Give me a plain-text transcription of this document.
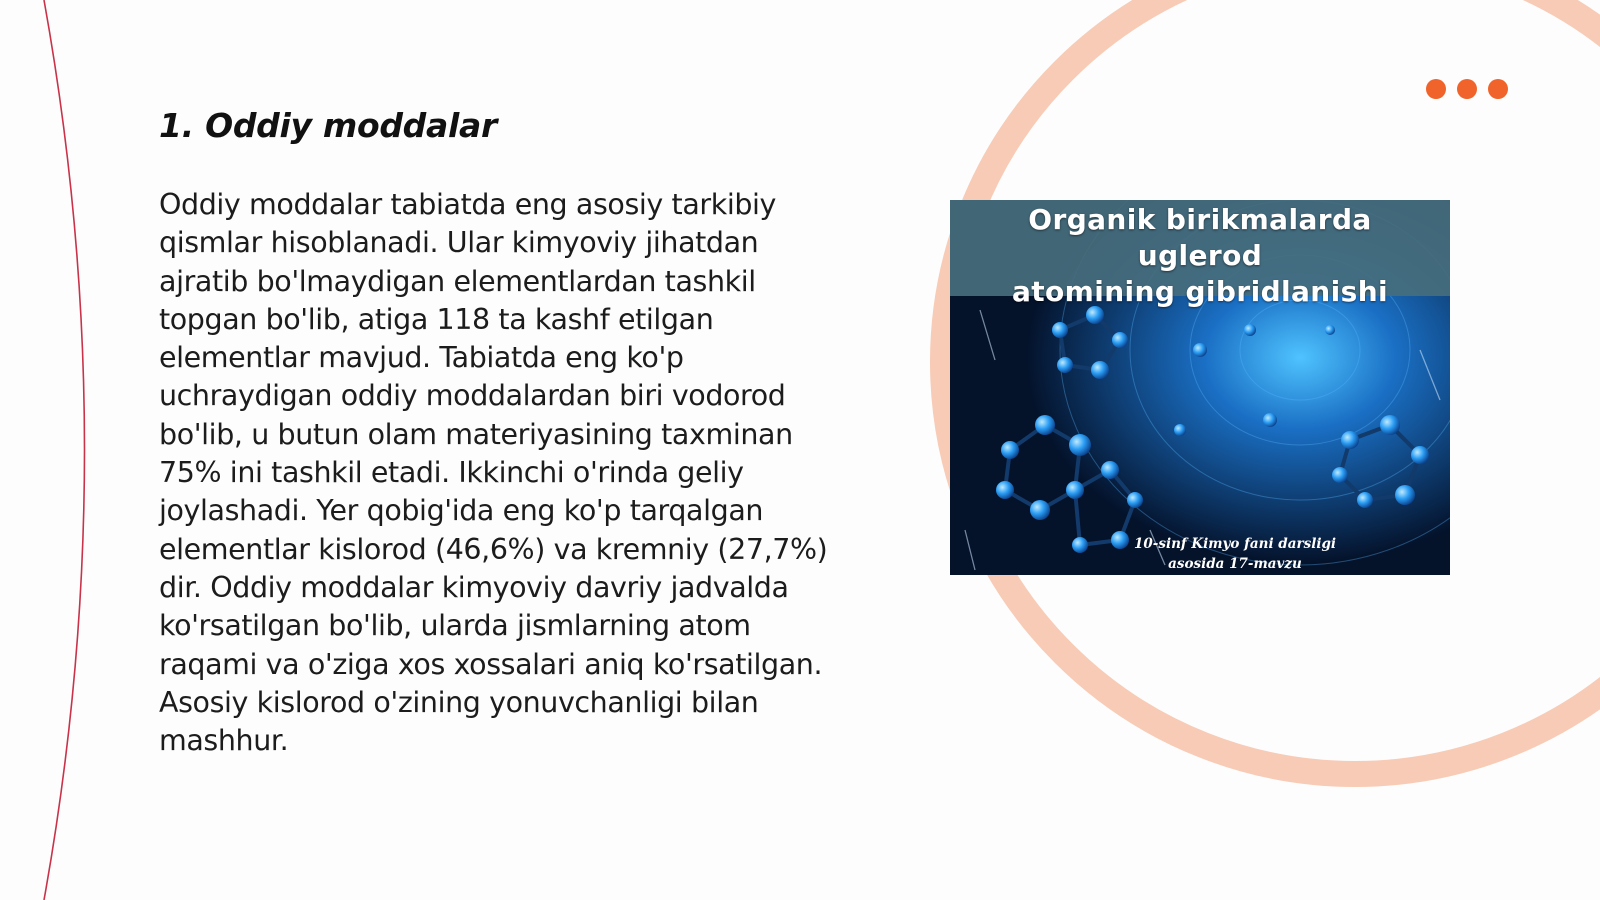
1. Oddiy moddalar

Oddiy moddalar tabiatda eng asosiy tarkibiy qismlar hisoblanadi. Ular kimyoviy jihatdan ajratib bo'lmaydigan elementlardan tashkil topgan bo'lib, atiga 118 ta kashf etilgan elementlar mavjud. Tabiatda eng ko'p uchraydigan oddiy moddalardan biri vodorod bo'lib, u butun olam materiyasining taxminan 75% ini tashkil etadi. Ikkinchi o'rinda geliy joylashadi. Yer qobig'ida eng ko'p tarqalgan elementlar kislorod (46,6%) va kremniy (27,7%) dir. Oddiy moddalar kimyoviy davriy jadvalda ko'rsatilgan bo'lib, ularda jismlarning atom raqami va o'ziga xos xossalari aniq ko'rsatilgan. Asosiy kislorod o'zining yonuvchanligi bilan mashhur.

Organik birikmalarda
uglerod
atomining gibridlanishi
10-sinf Kimyo fani darsligi
asosida 17-mavzu
